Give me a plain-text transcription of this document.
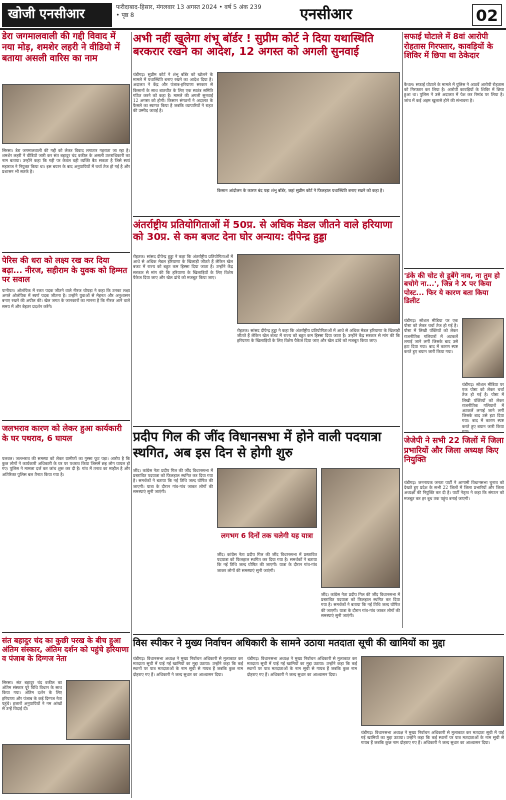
खोजी एनसीआर	फरीदाबाद-हिसार, मंगलवार 13 अगस्त 2024 • वर्ष 5 अंक 239 • पृष्ठ 8	एनसीआर	02
डेरा जगमालवाली की गद्दी विवाद में नया मोड़, शमशेर लहरी ने वीडियो में बताया असली वारिस का नाम
सिरसा। डेरा जगमालवाली की गद्दी को लेकर विवाद लगातार गहराता जा रहा है। शमशेर लहरी ने वीडियो जारी कर संत बहादुर चंद वकील के असली उत्तराधिकारी का नाम बताया। उन्होंने कहा कि गद्दी पर केवल वही व्यक्ति बैठ सकता है जिसे स्वयं महाराज ने नियुक्त किया था। इस बयान के बाद अनुयायियों में चर्चा तेज हो गई है और प्रशासन भी सतर्क है।
पेरिस की धरा को लक्ष्य रख कर दिया बढ़ा... नीरज, सहीराम के युवक को हिम्मत पर सवाल
पानीपत। ओलंपिक में रजत पदक जीतने वाले नीरज चोपड़ा ने कहा कि उनका लक्ष्य अगले ओलंपिक में स्वर्ण पदक जीतना है। उन्होंने युवाओं से मेहनत और अनुशासन बनाए रखने की अपील की। खेल जगत के जानकारों का मानना है कि नीरज आने वाले समय में और बेहतर प्रदर्शन करेंगे।
जलभराव कारण को लेकर हुआ कार्यकारी के घर पथराव, 6 घायल
पलवल। जलभराव की समस्या को लेकर ग्रामीणों का गुस्सा फूट पड़ा। आरोप है कि कुछ लोगों ने कार्यकारी अधिकारी के घर पर पथराव किया जिसमें छह लोग घायल हो गए। पुलिस ने मामला दर्ज कर जांच शुरू कर दी है। गांव में तनाव का माहौल है और अतिरिक्त पुलिस बल तैनात किया गया है।
संत बहादुर चंद का कुछी परख के बीच हुआ अंतिम संस्कार, अंतिम दर्शन को पहुंचे हरियाणा व पंजाब के दिग्गज नेता
सिरसा। संत बहादुर चंद वकील का अंतिम संस्कार पूरे विधि विधान के साथ किया गया। अंतिम दर्शन के लिए हरियाणा और पंजाब के कई दिग्गज नेता पहुंचे। हजारों अनुयायियों ने नम आंखों से उन्हें विदाई दी।
अभी नहीं खुलेगा शंभू बॉर्डर ! सुप्रीम कोर्ट ने दिया यथास्थिति बरकरार रखने का आदेश, 12 अगस्त को अगली सुनवाई
चंडीगढ़। सुप्रीम कोर्ट ने शंभू बॉर्डर को खोलने के मामले में यथास्थिति बनाए रखने का आदेश दिया है। अदालत ने केंद्र और पंजाब-हरियाणा सरकार से किसानों के साथ बातचीत के लिए एक स्वतंत्र समिति गठित करने को कहा है। मामले की अगली सुनवाई 12 अगस्त को होगी। किसान संगठनों ने अदालत के फैसले का स्वागत किया है जबकि व्यापारियों ने राहत की उम्मीद जताई है।
किसान आंदोलन के कारण बंद पड़ा शंभू बॉर्डर, जहां सुप्रीम कोर्ट ने फिलहाल यथास्थिति बनाए रखने को कहा है।
अंतर्राष्ट्रीय प्रतियोगिताओं में 50प्र. से अधिक मेडल जीतने वाले हरियाणा को 30प्र. से कम बजट देना घोर अन्याय: दीपेन्द्र हुड्डा
रोहतक। सांसद दीपेन्द्र हुड्डा ने कहा कि अंतर्राष्ट्रीय प्रतियोगिताओं में आधे से अधिक मेडल हरियाणा के खिलाड़ी जीतते हैं लेकिन खेल बजट में राज्य को बहुत कम हिस्सा दिया जाता है। उन्होंने केंद्र सरकार से मांग की कि हरियाणा के खिलाड़ियों के लिए विशेष पैकेज दिया जाए और खेल ढांचे को मजबूत किया जाए।
रोहतक। सांसद दीपेन्द्र हुड्डा ने कहा कि अंतर्राष्ट्रीय प्रतियोगिताओं में आधे से अधिक मेडल हरियाणा के खिलाड़ी जीतते हैं लेकिन खेल बजट में राज्य को बहुत कम हिस्सा दिया जाता है। उन्होंने केंद्र सरकार से मांग की कि हरियाणा के खिलाड़ियों के लिए विशेष पैकेज दिया जाए और खेल ढांचे को मजबूत किया जाए।
प्रदीप गिल की जींद विधानसभा में होने वाली पदयात्रा स्थगित, अब इस दिन से होगी शुरु
जींद। कांग्रेस नेता प्रदीप गिल की जींद विधानसभा में प्रस्तावित पदयात्रा को फिलहाल स्थगित कर दिया गया है। समर्थकों ने बताया कि नई तिथि जल्द घोषित की जाएगी। यात्रा के दौरान गांव-गांव जाकर लोगों की समस्याएं सुनी जाएंगी।
लगभग 6 दिनों तक चलेगी यह यात्रा
जींद। कांग्रेस नेता प्रदीप गिल की जींद विधानसभा में प्रस्तावित पदयात्रा को फिलहाल स्थगित कर दिया गया है। समर्थकों ने बताया कि नई तिथि जल्द घोषित की जाएगी। यात्रा के दौरान गांव-गांव जाकर लोगों की समस्याएं सुनी जाएंगी।
जींद। कांग्रेस नेता प्रदीप गिल की जींद विधानसभा में प्रस्तावित पदयात्रा को फिलहाल स्थगित कर दिया गया है। समर्थकों ने बताया कि नई तिथि जल्द घोषित की जाएगी। यात्रा के दौरान गांव-गांव जाकर लोगों की समस्याएं सुनी जाएंगी।
सफाई घोटाले में 8वां आरोपी रोहतास गिरफ्तार, कावड़ियों के शिविर में छिपा था ठेकेदार
कैथल। सफाई घोटाले के मामले में पुलिस ने आठवें आरोपी रोहतास को गिरफ्तार कर लिया है। आरोपी कावड़ियों के शिविर में छिपा हुआ था। पुलिस ने उसे अदालत में पेश कर रिमांड पर लिया है। जांच में कई अहम खुलासे होने की संभावना है।
'डंके की चोट से डूबेंगे नाव, ना तुम हो बचोगे ना...', जिन्न ने X पर किया पोस्ट... फिर ये कारण बता किया डिलीट
चंडीगढ़। सोशल मीडिया पर एक पोस्ट को लेकर चर्चा तेज हो गई है। पोस्ट में लिखी पंक्तियों को लेकर राजनीतिक गलियारों में अटकलें लगाई जाने लगीं जिसके बाद उसे हटा दिया गया। बाद में कारण स्पष्ट करते हुए बयान जारी किया गया।
चंडीगढ़। सोशल मीडिया पर एक पोस्ट को लेकर चर्चा तेज हो गई है। पोस्ट में लिखी पंक्तियों को लेकर राजनीतिक गलियारों में अटकलें लगाई जाने लगीं जिसके बाद उसे हटा दिया गया। बाद में कारण स्पष्ट करते हुए बयान जारी किया
जेजेपी ने सभी 22 जिलों में जिला प्रभारियों और जिला अध्यक्ष किए नियुक्ति
चंडीगढ़। जननायक जनता पार्टी ने आगामी विधानसभा चुनाव को देखते हुए प्रदेश के सभी 22 जिलों में जिला प्रभारियों और जिला अध्यक्षों की नियुक्ति कर दी है। पार्टी नेतृत्व ने कहा कि संगठन को मजबूत कर हर बूथ तक पहुंच बनाई जाएगी।
विस स्पीकर ने मुख्य निर्वाचन अधिकारी के सामने उठाया मतदाता सूची की खामियों का मुद्दा
चंडीगढ़। विधानसभा अध्यक्ष ने मुख्य निर्वाचन अधिकारी से मुलाकात कर मतदाता सूची में पाई गई खामियों का मुद्दा उठाया। उन्होंने कहा कि कई स्थानों पर पात्र मतदाताओं के नाम सूची से गायब हैं जबकि कुछ नाम दोहराए गए हैं। अधिकारी ने जल्द सुधार का आश्वासन दिया।
चंडीगढ़। विधानसभा अध्यक्ष ने मुख्य निर्वाचन अधिकारी से मुलाकात कर मतदाता सूची में पाई गई खामियों का मुद्दा उठाया। उन्होंने कहा कि कई स्थानों पर पात्र मतदाताओं के नाम सूची से गायब हैं जबकि कुछ नाम दोहराए गए हैं। अधिकारी ने जल्द सुधार का आश्वासन दिया।
चंडीगढ़। विधानसभा अध्यक्ष ने मुख्य निर्वाचन अधिकारी से मुलाकात कर मतदाता सूची में पाई गई खामियों का मुद्दा उठाया। उन्होंने कहा कि कई स्थानों पर पात्र मतदाताओं के नाम सूची से गायब हैं जबकि कुछ नाम दोहराए गए हैं। अधिकारी ने जल्द सुधार का आश्वासन दिया।
